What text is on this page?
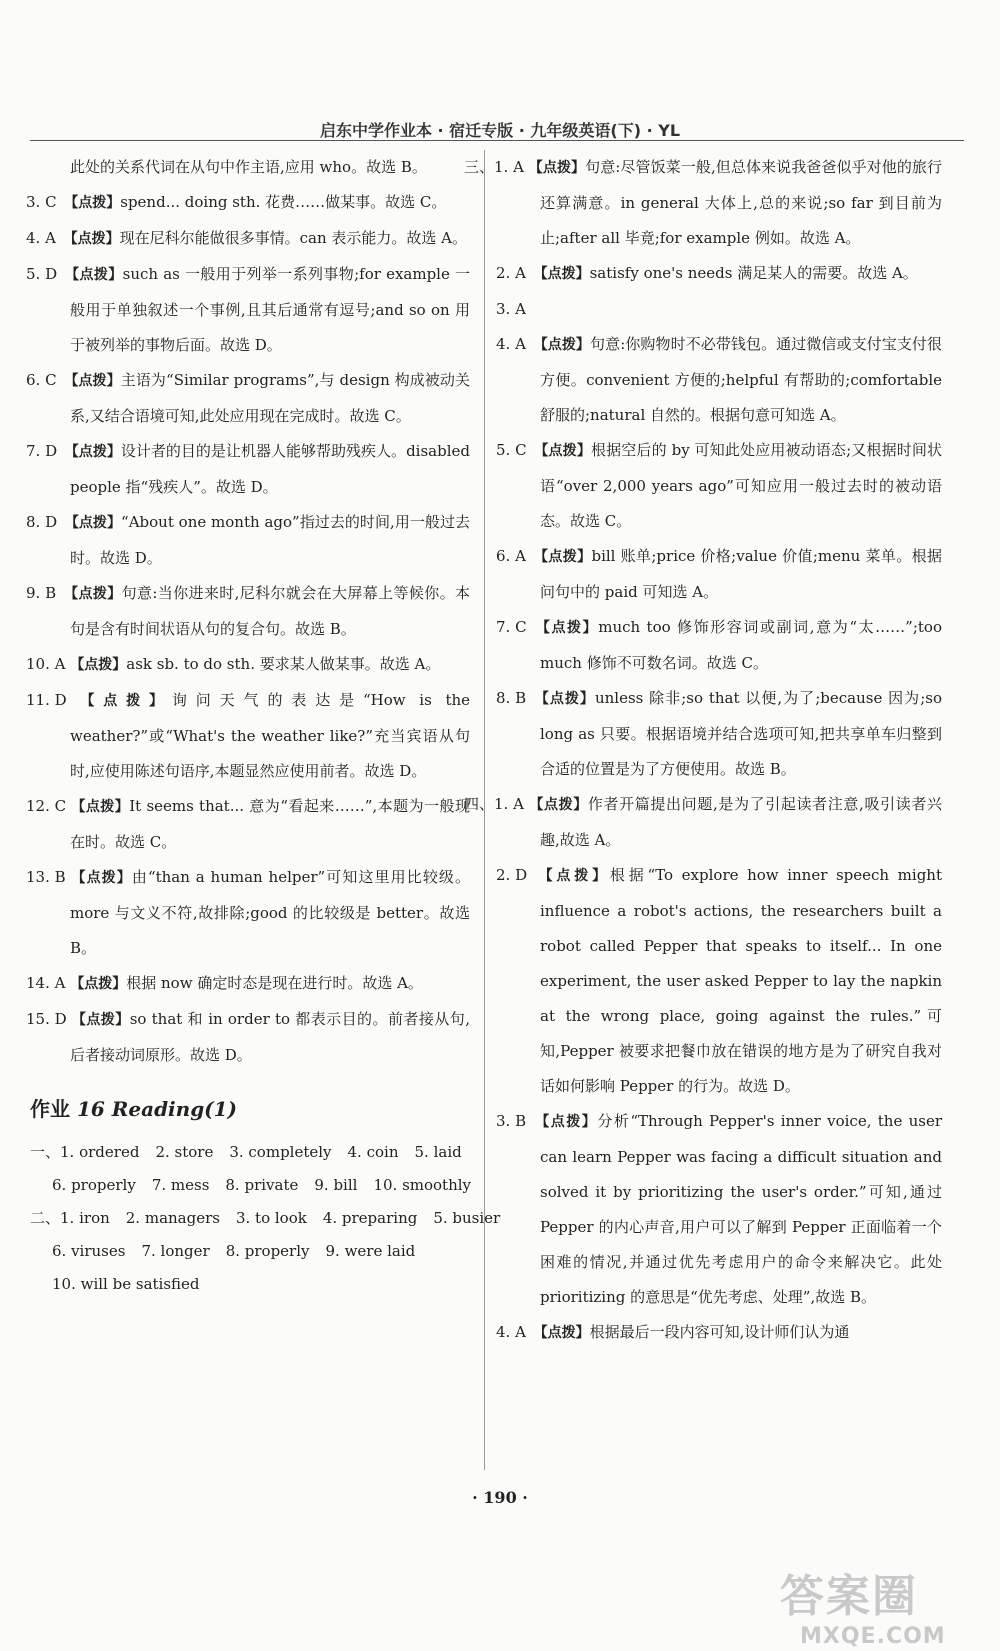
启东中学作业本 · 宿迁专版 · 九年级英语(下) · YL
此处的关系代词在从句中作主语,应用 who。故选 B。
3. C 【点拨】spend... doing sth. 花费……做某事。故选 C。
4. A 【点拨】现在尼科尔能做很多事情。can 表示能力。故选 A。
5. D 【点拨】such as 一般用于列举一系列事物;for example 一般用于单独叙述一个事例,且其后通常有逗号;and so on 用于被列举的事物后面。故选 D。
6. C 【点拨】主语为“Similar programs”,与 design 构成被动关系,又结合语境可知,此处应用现在完成时。故选 C。
7. D 【点拨】设计者的目的是让机器人能够帮助残疾人。disabled people 指“残疾人”。故选 D。
8. D 【点拨】“About one month ago”指过去的时间,用一般过去时。故选 D。
9. B 【点拨】句意:当你进来时,尼科尔就会在大屏幕上等候你。本句是含有时间状语从句的复合句。故选 B。
10. A 【点拨】ask sb. to do sth. 要求某人做某事。故选 A。
11. D 【点拨】询问天气的表达是“How is the weather?”或“What's the weather like?”充当宾语从句时,应使用陈述句语序,本题显然应使用前者。故选 D。
12. C 【点拨】It seems that... 意为“看起来……”,本题为一般现在时。故选 C。
13. B 【点拨】由“than a human helper”可知这里用比较级。more 与文义不符,故排除;good 的比较级是 better。故选 B。
14. A 【点拨】根据 now 确定时态是现在进行时。故选 A。
15. D 【点拨】so that 和 in order to 都表示目的。前者接从句,后者接动词原形。故选 D。
作业 16 Reading(1)
一、1. ordered 2. store 3. completely 4. coin 5. laid
6. properly 7. mess 8. private 9. bill 10. smoothly
二、1. iron 2. managers 3. to look 4. preparing 5. busier
6. viruses 7. longer 8. properly 9. were laid
10. will be satisfied
三、1. A 【点拨】句意:尽管饭菜一般,但总体来说我爸爸似乎对他的旅行还算满意。in general 大体上,总的来说;so far 到目前为止;after all 毕竟;for example 例如。故选 A。
2. A 【点拨】satisfy one's needs 满足某人的需要。故选 A。
3. A
4. A 【点拨】句意:你购物时不必带钱包。通过微信或支付宝支付很方便。convenient 方便的;helpful 有帮助的;comfortable 舒服的;natural 自然的。根据句意可知选 A。
5. C 【点拨】根据空后的 by 可知此处应用被动语态;又根据时间状语“over 2,000 years ago”可知应用一般过去时的被动语态。故选 C。
6. A 【点拨】bill 账单;price 价格;value 价值;menu 菜单。根据问句中的 paid 可知选 A。
7. C 【点拨】much too 修饰形容词或副词,意为“太……”;too much 修饰不可数名词。故选 C。
8. B 【点拨】unless 除非;so that 以便,为了;because 因为;so long as 只要。根据语境并结合选项可知,把共享单车归整到合适的位置是为了方便使用。故选 B。
四、1. A 【点拨】作者开篇提出问题,是为了引起读者注意,吸引读者兴趣,故选 A。
2. D 【点拨】根据“To explore how inner speech might influence a robot's actions, the researchers built a robot called Pepper that speaks to itself... In one experiment, the user asked Pepper to lay the napkin at the wrong place, going against the rules.”可知,Pepper 被要求把餐巾放在错误的地方是为了研究自我对话如何影响 Pepper 的行为。故选 D。
3. B 【点拨】分析“Through Pepper's inner voice, the user can learn Pepper was facing a difficult situation and solved it by prioritizing the user's order.”可知,通过 Pepper 的内心声音,用户可以了解到 Pepper 正面临着一个困难的情况,并通过优先考虑用户的命令来解决它。此处 prioritizing 的意思是“优先考虑、处理”,故选 B。
4. A 【点拨】根据最后一段内容可知,设计师们认为通
· 190 ·
答案圈
MXQE.COM
